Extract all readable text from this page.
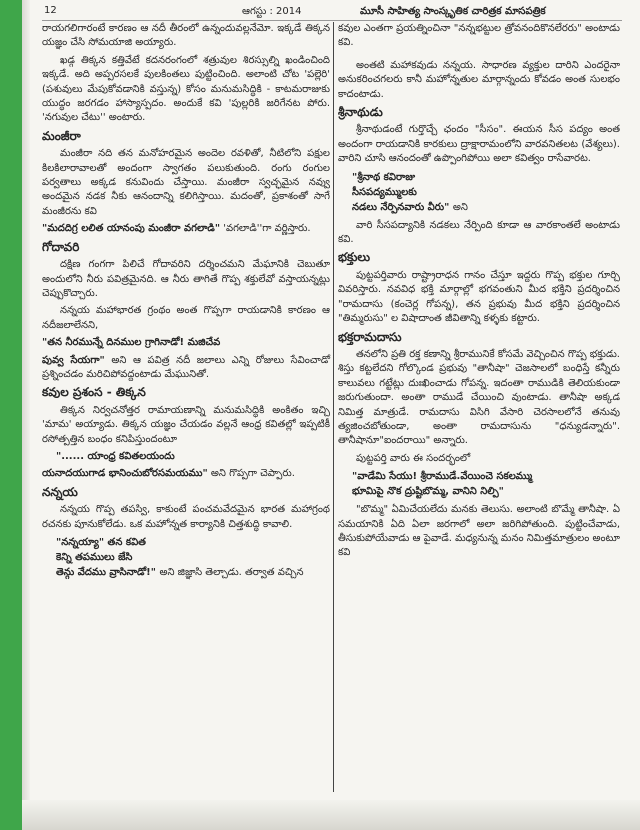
12	ఆగస్టు : 2014	మూసీ సాహిత్య సాంస్కృతిక చారిత్రక మాసపత్రిక

రాయగలిగారంటే కారణం ఆ నదీ తీరంలో ఉన్నందువల్లనేమో. ఇక్కడే తిక్కన యజ్ఞం చేసి సోమయాజి అయ్యారు.

ఖడ్గ తిక్కన కత్తివేటే కదనరంగంలో శత్రువుల శిరస్సుల్ని ఖండించింది ఇక్కడే. అది అప్పరసలకే పులకింతలు పుట్టించింది. అలాంటి చోట 'పల్లెరి' (పశువులు మేపుకోవడానికి వస్తున్న) కోసం మనుమసిద్ధికి - కాటమరాజుకు యుద్ధం జరగడం హాస్యాస్పదం. అందుకే కవి 'పుల్లరికి జరిగేనట పోరు. 'నగువుల చేటు'' అంటారు.

మంజీరా

మంజీరా నది తన మనోహరమైన అందెల రవళితో, నీటిలోని పక్షుల కిలకిలారావాలతో అందంగా స్వాగతం పలుకుతుంది. రంగు రంగుల పర్వతాలు అక్కడ కనువిందు చేస్తాయి. మంజీరా స్వచ్ఛమైన నవ్వు అందమైన నడక నీకు ఆనందాన్ని కలిగిస్తాయి. మదంతో, ప్రకాశంతో సాగే మంజీరను కవి

"మదదిగ్ర లలిత యానంపు మంజీరా వగలాడి" 'వగలాడి''గా వర్ణిస్తారు.

గోదావరి

దక్షిణ గంగగా పిలిచే గోదావరిని దర్శించమని మేఘానికి చెబుతూ అందులోని నీరు పవిత్రమైనది. ఆ నీరు తాగితే గొప్ప శక్తులేవో వస్తాయన్నట్లు చెప్పుకొచ్చారు.

నన్నయ మహాభారత గ్రంథం అంత గొప్పగా రాయడానికి కారణం ఆ నదీజలాలేనని,

"తన నీరమున్నే దినముల గ్రాగినాడో! మజిచేవ

పువ్వ సేయగా" అని ఆ పవిత్ర నదీ జలాలు ఎన్ని రోజులు సేవించాడో ప్రశ్నించడం మరిచిపోవద్దంటాడు మేఘునితో.

కవుల ప్రశంస - తిక్కన

తిక్కన నిర్వచనోత్తర రామాయణాన్ని మనుమసిద్ధికి అంకితం ఇచ్చి 'మామ' అయ్యాడు. తిక్కన యజ్ఞం చేయడం వల్లనే ఆంధ్ర కవితల్లో ఇప్పటికీ రసోత్పత్తిన బంధం కనిపిస్తుందంటూ

"...... యాంధ్ర కవితలయందు

యనాదయుగాడ భానించుబోరసమయము" అని గొప్పగా చెప్పారు.

నన్నయ

నన్నయ గొప్ప తపస్వి, కాకుంటే పంచమవేదమైన భారత మహాగ్రంథ రచనకు పూనుకోలేడు. ఒక మహోన్నత కార్యానికి చిత్తశుద్ధి కావాలి.

"నన్నయ్యా" తన కవిత
కెన్ని తపములు జేసి
తెన్గు వేదము వ్రాసినాడో!" అని జిజ్ఞాసి తెల్చాడు. తర్వాత వచ్చిన

కవుల ఎంతగా ప్రయత్నించినా "నన్నభట్టుల త్రోవనందికొనలేరరు" అంటాడు కవి.

అంతటి మహాకవుడు నన్నయ. సాధారణ వ్యక్తుల దారిని ఎందరైనా అనుకరించగలరు కానీ మహోన్నతుల మార్గాన్నందు కోవడం అంత సులభం కాదంటాడు.

శ్రీనాథుడు

శ్రీనాథుడంటే గుర్తొచ్చే ఛందం "సీసం". ఈయన సీస పద్యం అంత అందంగా రాయడానికి కారకులు ద్రాక్షారామంలోని వారవనితలట (వేశ్యలు). వారిని చూసి ఆనందంతో ఉప్పొంగిపోయి అలా కవిత్వం రాసేవారట.

"శ్రీనాథ కవిరాజు
సీసపద్యమ్ములకు
నడలు నేర్పినవారు వీరు" అని

వారి సీసపద్యానికి నడకలు నేర్పింది కూడా ఆ వారకాంతలే అంటాడు కవి.

భక్తులు

పుట్టపర్తివారు రాష్ట్రారాధన గానం చేస్తూ ఇద్దరు గొప్ప భక్తుల గూర్చి వివరిస్తారు. నవవిధ భక్తి మార్గాల్లో భగవంతుని మీద భక్తిని ప్రదర్శించిన "రామదాసు (కంచెర్ల గోపన్న), తన ప్రభువు మీద భక్తిని ప్రదర్శించిన "తిమ్మరుసు" ల విషాదాంత జీవితాన్ని కళ్ళకు కట్టారు.

భక్తరామదాసు

తనలోని ప్రతి రక్త కణాన్ని శ్రీరామునికే కోసమే వెచ్చించిన గొప్ప భక్తుడు. శిస్తు కట్టలేదని గోల్కొండ ప్రభువు "తానీషా" చెజసాలలో బంధిస్తే కన్నీరు కాలువలు గట్టేట్లు దుఃఖించాడు గోపన్న. ఇదంతా రాముడికి తెలియకుండా జరుగుతుందా. అంతా రాముడే చేయించి వుంటాడు. తానీషా అక్కడ నిమిత్త మాత్రుడే. రామదాసు విసిగి వేసారి చెరసాలలోనే తనువు త్యజించబోతుండా, అంతా రామదాసును "ధన్యుడన్నారు". తానీషానూ"ఐందరాయి" అన్నారు.

పుట్టపర్తి వారు ఈ సందర్భంలో

"వాడేమి సేయు! శ్రీరాముడే.వేయించె సకలమ్ము
భూమిపై నొక ద్రుష్టిబొమ్మ, వానిని నిల్పి"

"బొమ్మ" ఏమిచేయలేదు మనకు తెలుసు. అలాంటి బొమ్మే తానీషా. ఏ సమయానికి ఏది ఏలా జరగాలో అలా జరిగిపోతుంది. పుట్టించేవాడు, తీసుకుపోయేవాడు ఆ పైవాడే. మధ్యనున్న మనం నిమిత్తమాత్రులం అంటూ కవి
